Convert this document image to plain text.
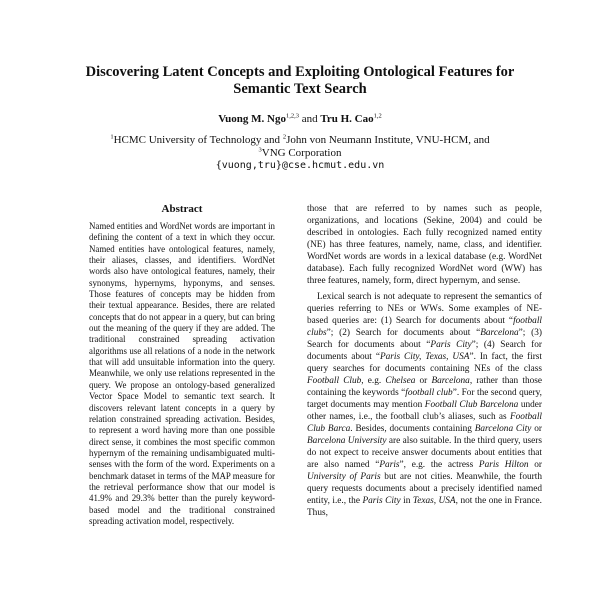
Discovering Latent Concepts and Exploiting Ontological Features for
Semantic Text Search
Vuong M. Ngo$^{1,2,3}$ and Tru H. Cao$^{1,2}$
$^1$HCMC University of Technology and $^2$John von Neumann Institute, VNU-HCM, and
$^3$VNG Corporation
{vuong,tru}@cse.hcmut.edu.vn
Abstract

Named entities and WordNet words are important in defining the content of a text in which they occur. Named entities have ontological features, namely, their aliases, classes, and identifiers. WordNet words also have ontological features, namely, their synonyms, hypernyms, hyponyms, and senses. Those features of concepts may be hidden from their textual appearance. Besides, there are related concepts that do not appear in a query, but can bring out the meaning of the query if they are added. The traditional constrained spreading activation algorithms use all relations of a node in the network that will add unsuitable information into the query. Meanwhile, we only use relations represented in the query. We propose an ontology-based generalized Vector Space Model to semantic text search. It discovers relevant latent concepts in a query by relation constrained spreading activation. Besides, to represent a word having more than one possible direct sense, it combines the most specific common hypernym of the remaining undisambiguated multi-senses with the form of the word. Experiments on a benchmark dataset in terms of the MAP measure for the retrieval performance show that our model is 41.9% and 29.3% better than the purely keyword-based model and the traditional constrained spreading activation model, respectively.

those that are referred to by names such as people, organizations, and locations (Sekine, 2004) and could be described in ontologies. Each fully recognized named entity (NE) has three features, namely, name, class, and identifier. WordNet words are words in a lexical database (e.g. WordNet database). Each fully recognized WordNet word (WW) has three features, namely, form, direct hypernym, and sense.

Lexical search is not adequate to represent the semantics of queries referring to NEs or WWs. Some examples of NE-based queries are: (1) Search for documents about “football clubs”; (2) Search for documents about “Barcelona”; (3) Search for documents about “Paris City”; (4) Search for documents about “Paris City, Texas, USA”. In fact, the first query searches for documents containing NEs of the class Football Club, e.g. Chelsea or Barcelona, rather than those containing the keywords “football club”. For the second query, target documents may mention Football Club Barcelona under other names, i.e., the football club’s aliases, such as Football Club Barca. Besides, documents containing Barcelona City or Barcelona University are also suitable. In the third query, users do not expect to receive answer documents about entities that are also named “Paris”, e.g. the actress Paris Hilton or University of Paris but are not cities. Meanwhile, the fourth query requests documents about a precisely identified named entity, i.e., the Paris City in Texas, USA, not the one in France. Thus,
